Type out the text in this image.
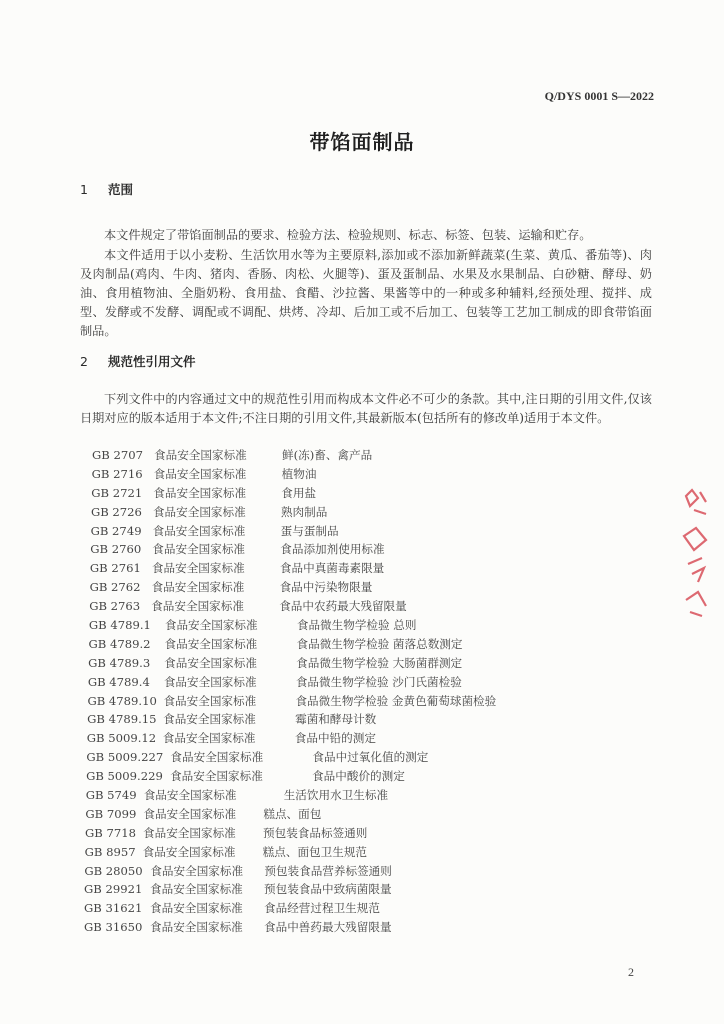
Q/DYS 0001 S—2022
带馅面制品
1 范围

本文件规定了带馅面制品的要求、检验方法、检验规则、标志、标签、包装、运输和贮存。

本文件适用于以小麦粉、生活饮用水等为主要原料,添加或不添加新鲜蔬菜(生菜、黄瓜、番茄等)、肉及肉制品(鸡肉、牛肉、猪肉、香肠、肉松、火腿等)、蛋及蛋制品、水果及水果制品、白砂糖、酵母、奶油、食用植物油、全脂奶粉、食用盐、食醋、沙拉酱、果酱等中的一种或多种辅料,经预处理、搅拌、成型、发酵或不发酵、调配或不调配、烘烤、冷却、后加工或不后加工、包装等工艺加工制成的即食带馅面制品。

2 规范性引用文件

下列文件中的内容通过文中的规范性引用而构成本文件必不可少的条款。其中,注日期的引用文件,仅该日期对应的版本适用于本文件;不注日期的引用文件,其最新版本(包括所有的修改单)适用于本文件。

GB 2707 食品安全国家标准	鲜(冻)畜、禽产品
GB 2716 食品安全国家标准	植物油
GB 2721 食品安全国家标准	食用盐
GB 2726 食品安全国家标准	熟肉制品
GB 2749 食品安全国家标准	蛋与蛋制品
GB 2760 食品安全国家标准	食品添加剂使用标准
GB 2761 食品安全国家标准	食品中真菌毒素限量
GB 2762 食品安全国家标准	食品中污染物限量
GB 2763 食品安全国家标准	食品中农药最大残留限量
GB 4789.1 食品安全国家标准	食品微生物学检验 总则
GB 4789.2 食品安全国家标准	食品微生物学检验 菌落总数测定
GB 4789.3 食品安全国家标准	食品微生物学检验 大肠菌群测定
GB 4789.4 食品安全国家标准	食品微生物学检验 沙门氏菌检验
GB 4789.10 食品安全国家标准	食品微生物学检验 金黄色葡萄球菌检验
GB 4789.15 食品安全国家标准	霉菌和酵母计数
GB 5009.12 食品安全国家标准	食品中铅的测定
GB 5009.227 食品安全国家标准	食品中过氧化值的测定
GB 5009.229 食品安全国家标准	食品中酸价的测定
GB 5749 食品安全国家标准	生活饮用水卫生标准
GB 7099 食品安全国家标准 糕点、面包
GB 7718 食品安全国家标准 预包装食品标签通则
GB 8957 食品安全国家标准 糕点、面包卫生规范
GB 28050 食品安全国家标准 预包装食品营养标签通则
GB 29921 食品安全国家标准 预包装食品中致病菌限量
GB 31621 食品安全国家标准 食品经营过程卫生规范
GB 31650 食品安全国家标准 食品中兽药最大残留限量
2
